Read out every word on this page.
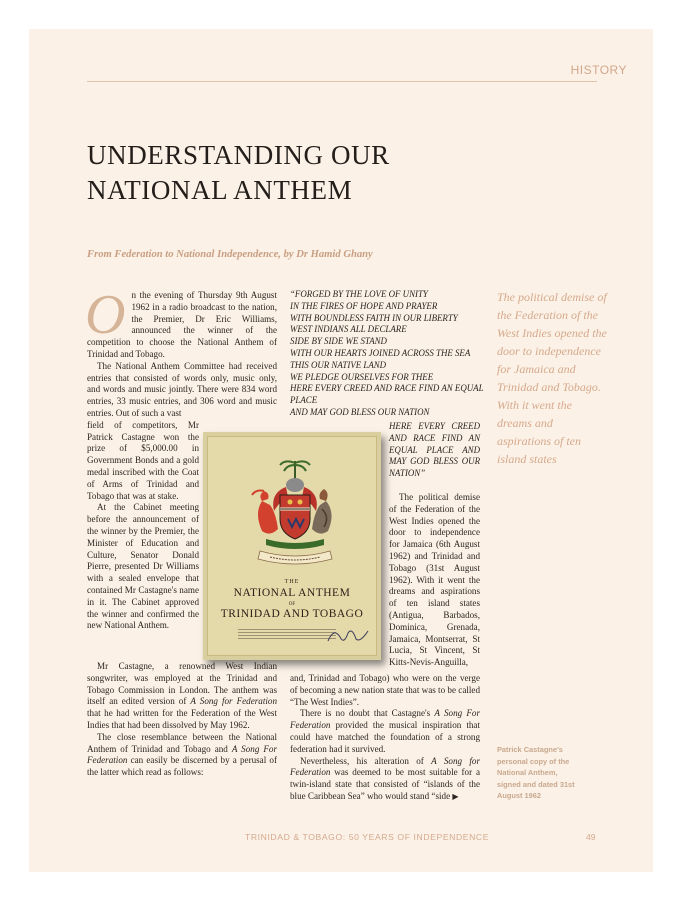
HISTORY
UNDERSTANDING OUR NATIONAL ANTHEM
From Federation to National Independence, by Dr Hamid Ghany

On the evening of Thursday 9th August 1962 in a radio broadcast to the nation, the Premier, Dr Eric Williams, announced the winner of the competition to choose the National Anthem of Trinidad and Tobago.

The National Anthem Committee had received entries that consisted of words only, music only, and words and music jointly. There were 834 word entries, 33 music entries, and 306 word and music entries. Out of such a vast

field of competitors, Mr Patrick Castagne won the prize of $5,000.00 in Government Bonds and a gold medal inscribed with the Coat of Arms of Trinidad and Tobago that was at stake.

At the Cabinet meeting before the announcement of the winner by the Premier, the Minister of Education and Culture, Senator Donald Pierre, presented Dr Williams with a sealed envelope that contained Mr Castagne's name in it. The Cabinet approved the winner and confirmed the new National Anthem.

Mr Castagne, a renowned West Indian songwriter, was employed at the Trinidad and Tobago Commission in London. The anthem was itself an edited version of A Song for Federation that he had written for the Federation of the West Indies that had been dissolved by May 1962.

The close resemblance between the National Anthem of Trinidad and Tobago and A Song For Federation can easily be discerned by a perusal of the latter which read as follows:

“FORGED BY THE LOVE OF UNITY
IN THE FIRES OF HOPE AND PRAYER
WITH BOUNDLESS FAITH IN OUR LIBERTY
WEST INDIANS ALL DECLARE
SIDE BY SIDE WE STAND
WITH OUR HEARTS JOINED ACROSS THE SEA
THIS OUR NATIVE LAND
WE PLEDGE OURSELVES FOR THEE
HERE EVERY CREED AND RACE FIND AN EQUAL PLACE
AND MAY GOD BLESS OUR NATION
HERE EVERY CREED AND RACE FIND AN EQUAL PLACE AND MAY GOD BLESS OUR NATION”

The political demise of the Federation of the West Indies opened the door to independence for Jamaica (6th August 1962) and Trinidad and Tobago (31st August 1962). With it went the dreams and aspirations of ten island states (Antigua, Barbados, Dominica, Grenada, Jamaica, Montserrat, St Lucia, St Vincent, St Kitts-Nevis-Anguilla,

and, Trinidad and Tobago) who were on the verge of becoming a new nation state that was to be called “The West Indies”.

There is no doubt that Castagne's A Song For Federation provided the musical inspiration that could have matched the foundation of a strong federation had it survived.

Nevertheless, his alteration of A Song for Federation was deemed to be most suitable for a twin-island state that consisted of “islands of the blue Caribbean Sea” who would stand “side ▶

THE
NATIONAL ANTHEM
OF
TRINIDAD AND TOBAGO
The political demise of the Federation of the West Indies opened the door to independence for Jamaica and Trinidad and Tobago. With it went the dreams and aspirations of ten island states
Patrick Castagne's personal copy of the National Anthem, signed and dated 31st August 1962
TRINIDAD & TOBAGO: 50 YEARS OF INDEPENDENCE	49
